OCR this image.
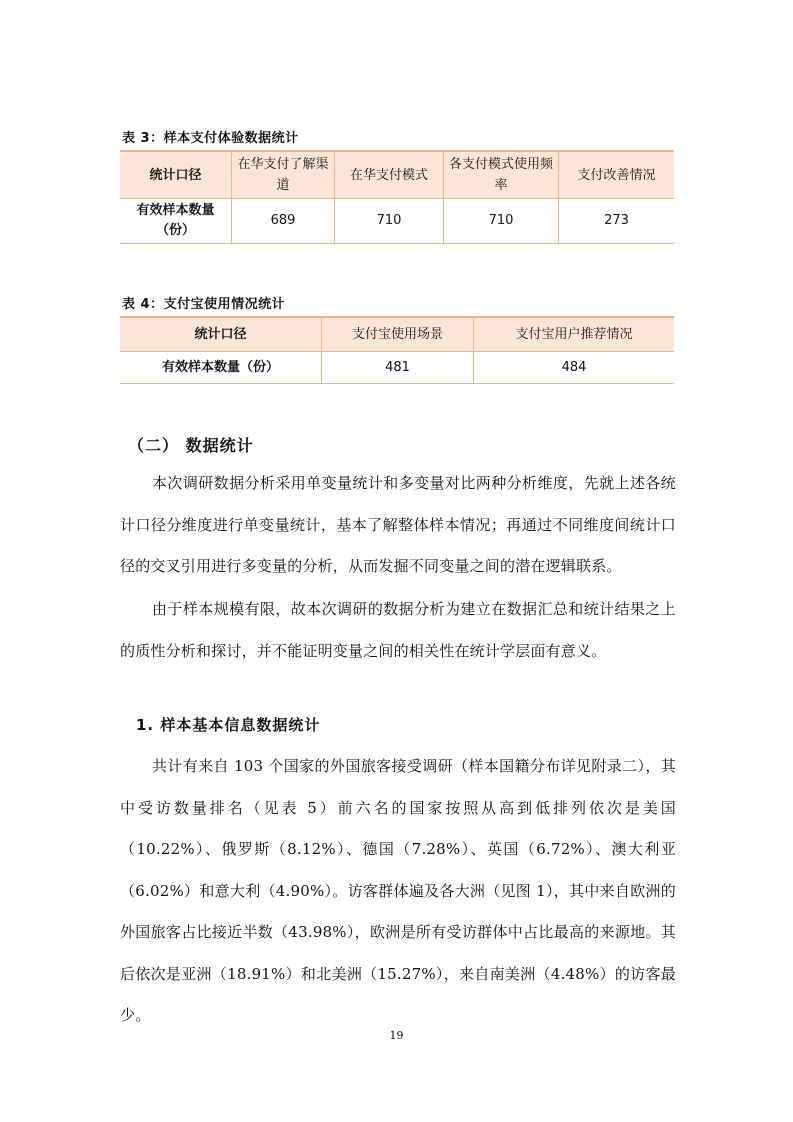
表 3：样本支付体验数据统计
统计口径	在华支付了解渠道	在华支付模式	各支付模式使用频率	支付改善情况
有效样本数量（份）	689	710	710	273
表 4：支付宝使用情况统计
统计口径	支付宝使用场景	支付宝用户推荐情况
有效样本数量（份）	481	484
（二） 数据统计

本次调研数据分析采用单变量统计和多变量对比两种分析维度，先就上述各统计口径分维度进行单变量统计，基本了解整体样本情况；再通过不同维度间统计口径的交叉引用进行多变量的分析，从而发掘不同变量之间的潜在逻辑联系。

由于样本规模有限，故本次调研的数据分析为建立在数据汇总和统计结果之上的质性分析和探讨，并不能证明变量之间的相关性在统计学层面有意义。

1. 样本基本信息数据统计

共计有来自 103 个国家的外国旅客接受调研（样本国籍分布详见附录二），其中受访数量排名（见表 5）前六名的国家按照从高到低排列依次是美国（10.22%）、俄罗斯（8.12%）、德国（7.28%）、英国（6.72%）、澳大利亚（6.02%）和意大利（4.90%）。访客群体遍及各大洲（见图 1），其中来自欧洲的外国旅客占比接近半数（43.98%），欧洲是所有受访群体中占比最高的来源地。其后依次是亚洲（18.91%）和北美洲（15.27%），来自南美洲（4.48%）的访客最少。

19
